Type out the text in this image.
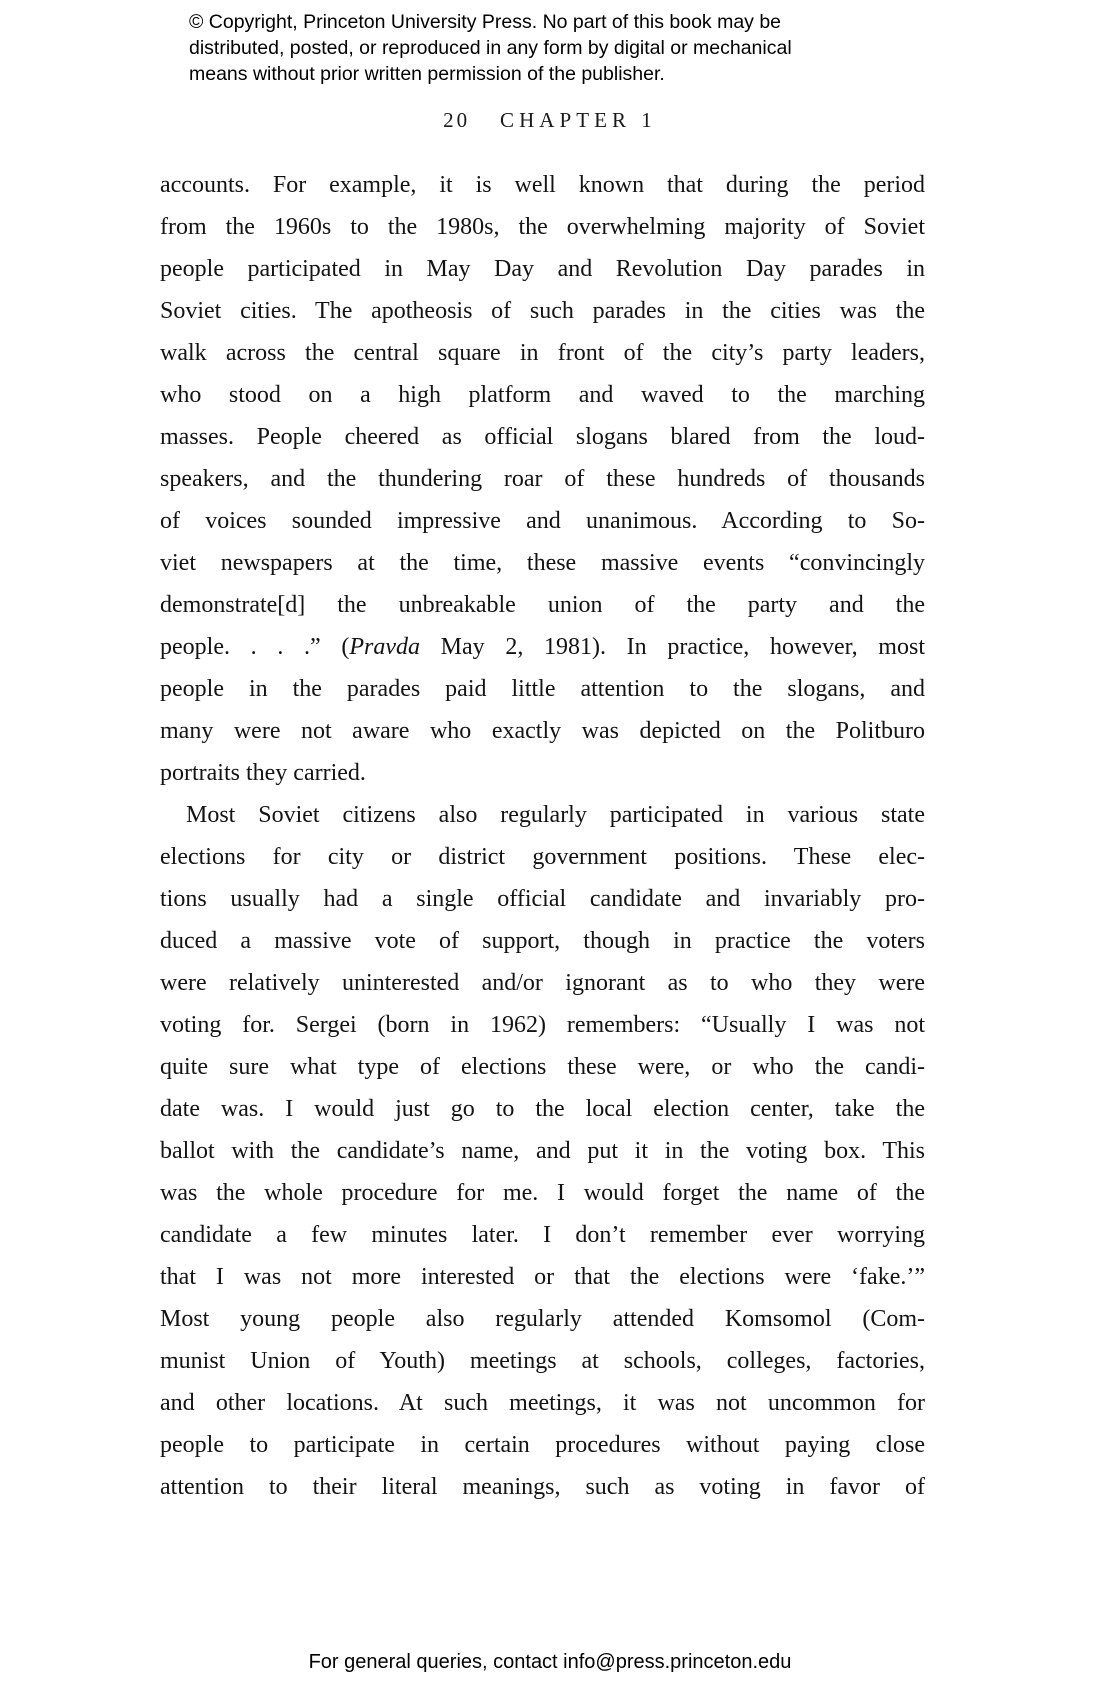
© Copyright, Princeton University Press. No part of this book may be
distributed, posted, or reproduced in any form by digital or mechanical
means without prior written permission of the publisher.
20 CHAPTER 1
accounts. For example, it is well known that during the period
from the 1960s to the 1980s, the overwhelming majority of Soviet
people participated in May Day and Revolution Day parades in
Soviet cities. The apotheosis of such parades in the cities was the
walk across the central square in front of the city’s party leaders,
who stood on a high platform and waved to the marching
masses. People cheered as official slogans blared from the loud-
speakers, and the thundering roar of these hundreds of thousands
of voices sounded impressive and unanimous. According to So-
viet newspapers at the time, these massive events “convincingly
demonstrate[d] the unbreakable union of the party and the
people. . . .” (Pravda May 2, 1981). In practice, however, most
people in the parades paid little attention to the slogans, and
many were not aware who exactly was depicted on the Politburo
portraits they carried.
Most Soviet citizens also regularly participated in various state
elections for city or district government positions. These elec-
tions usually had a single official candidate and invariably pro-
duced a massive vote of support, though in practice the voters
were relatively uninterested and/or ignorant as to who they were
voting for. Sergei (born in 1962) remembers: “Usually I was not
quite sure what type of elections these were, or who the candi-
date was. I would just go to the local election center, take the
ballot with the candidate’s name, and put it in the voting box. This
was the whole procedure for me. I would forget the name of the
candidate a few minutes later. I don’t remember ever worrying
that I was not more interested or that the elections were ‘fake.’”
Most young people also regularly attended Komsomol (Com-
munist Union of Youth) meetings at schools, colleges, factories,
and other locations. At such meetings, it was not uncommon for
people to participate in certain procedures without paying close
attention to their literal meanings, such as voting in favor of
For general queries, contact info@press.princeton.edu
